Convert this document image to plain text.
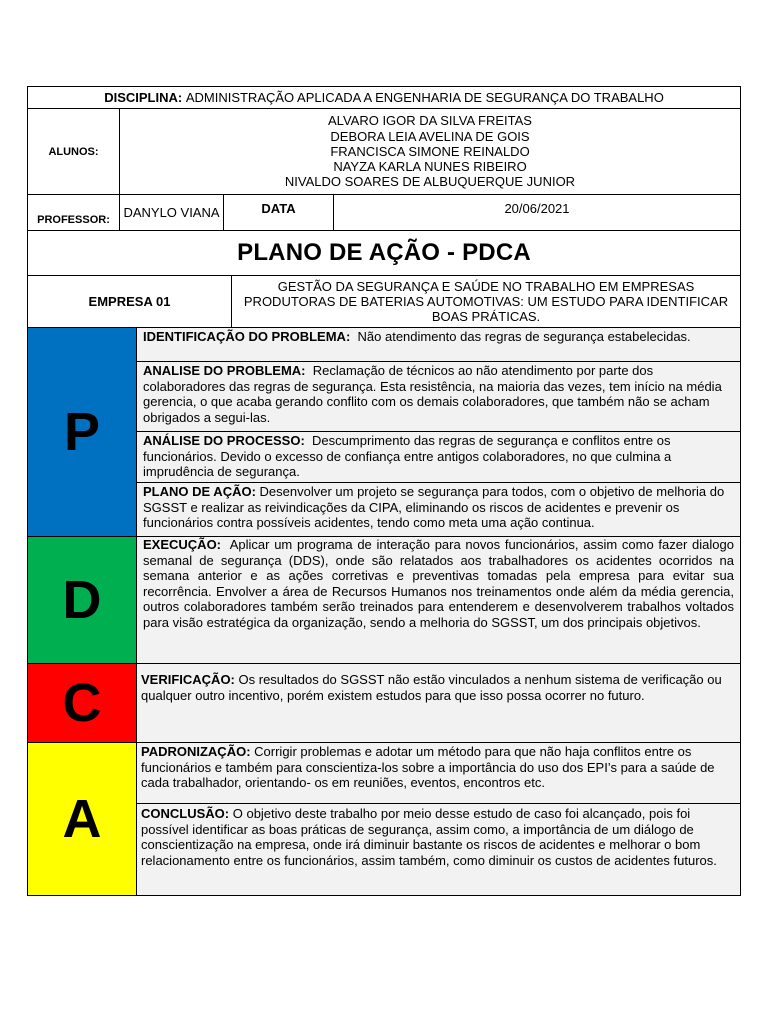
DISCIPLINA:
ADMINISTRAÇÃO APLICADA A ENGENHARIA DE SEGURANÇA DO TRABALHO
ALUNOS:
ALVARO IGOR DA SILVA FREITAS
DEBORA LEIA AVELINA DE GOIS
FRANCISCA SIMONE REINALDO
NAYZA KARLA NUNES RIBEIRO
NIVALDO SOARES DE ALBUQUERQUE JUNIOR
PROFESSOR:	DANYLO VIANA	DATA	20/06/2021
PLANO DE AÇÃO - PDCA
EMPRESA 01
GESTÃO DA SEGURANÇA E SAÚDE NO TRABALHO EM EMPRESAS PRODUTORAS DE BATERIAS AUTOMOTIVAS: UM ESTUDO PARA IDENTIFICAR BOAS PRÁTICAS.
P
IDENTIFICAÇÃO DO PROBLEMA: Não atendimento das regras de segurança estabelecidas.
ANALISE DO PROBLEMA: Reclamação de técnicos ao não atendimento por parte dos colaboradores das regras de segurança. Esta resistência, na maioria das vezes, tem início na média gerencia, o que acaba gerando conflito com os demais colaboradores, que também não se acham obrigados a segui-las.
ANÁLISE DO PROCESSO: Descumprimento das regras de segurança e conflitos entre os funcionários. Devido o excesso de confiança entre antigos colaboradores, no que culmina a imprudência de segurança.
PLANO DE AÇÃO: Desenvolver um projeto se segurança para todos, com o objetivo de melhoria do SGSST e realizar as reivindicações da CIPA, eliminando os riscos de acidentes e prevenir os funcionários contra possíveis acidentes, tendo como meta uma ação continua.
D
EXECUÇÃO: Aplicar um programa de interação para novos funcionários, assim como fazer dialogo semanal de segurança (DDS), onde são relatados aos trabalhadores os acidentes ocorridos na semana anterior e as ações corretivas e preventivas tomadas pela empresa para evitar sua recorrência. Envolver a área de Recursos Humanos nos treinamentos onde além da média gerencia, outros colaboradores também serão treinados para entenderem e desenvolverem trabalhos voltados para visão estratégica da organização, sendo a melhoria do SGSST, um dos principais objetivos.
C	VERIFICAÇÃO: Os resultados do SGSST não estão vinculados a nenhum sistema de verificação ou qualquer outro incentivo, porém existem estudos para que isso possa ocorrer no futuro.
A
PADRONIZAÇÃO: Corrigir problemas e adotar um método para que não haja conflitos entre os funcionários e também para conscientiza-los sobre a importância do uso dos EPI’s para a saúde de cada trabalhador, orientando- os em reuniões, eventos, encontros etc.
CONCLUSÃO: O objetivo deste trabalho por meio desse estudo de caso foi alcançado, pois foi possível identificar as boas práticas de segurança, assim como, a importância de um diálogo de conscientização na empresa, onde irá diminuir bastante os riscos de acidentes e melhorar o bom relacionamento entre os funcionários, assim também, como diminuir os custos de acidentes futuros.
